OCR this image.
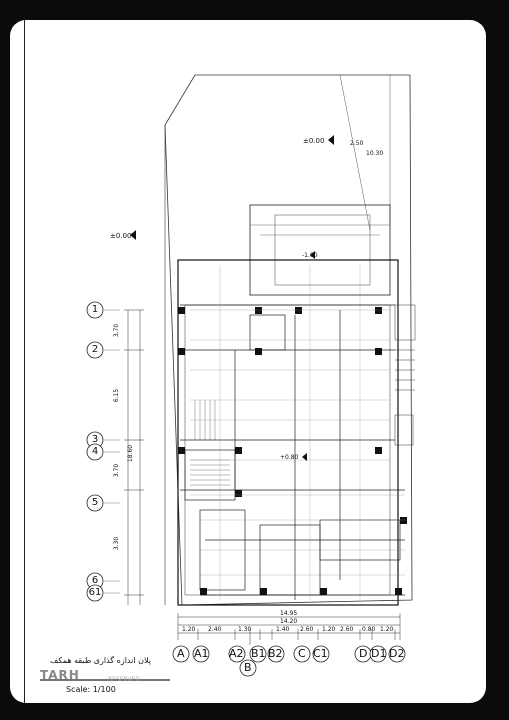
±0.00
±0.00
-1.00
+0.80
2.50
10.30
3.70
6.15
3.70
3.30
18.60
14.95
14.20
1.20 2.40	1.30	1.40 2.60 1.20 2.60 0.80 1.20
1
2
3
4
5
6
61
A A1 A2
B
B1 B2 C C1	D D1 D2
پلان اندازه گذاری طبقه همکف
TARH	RESERVED
Scale: 1/100
